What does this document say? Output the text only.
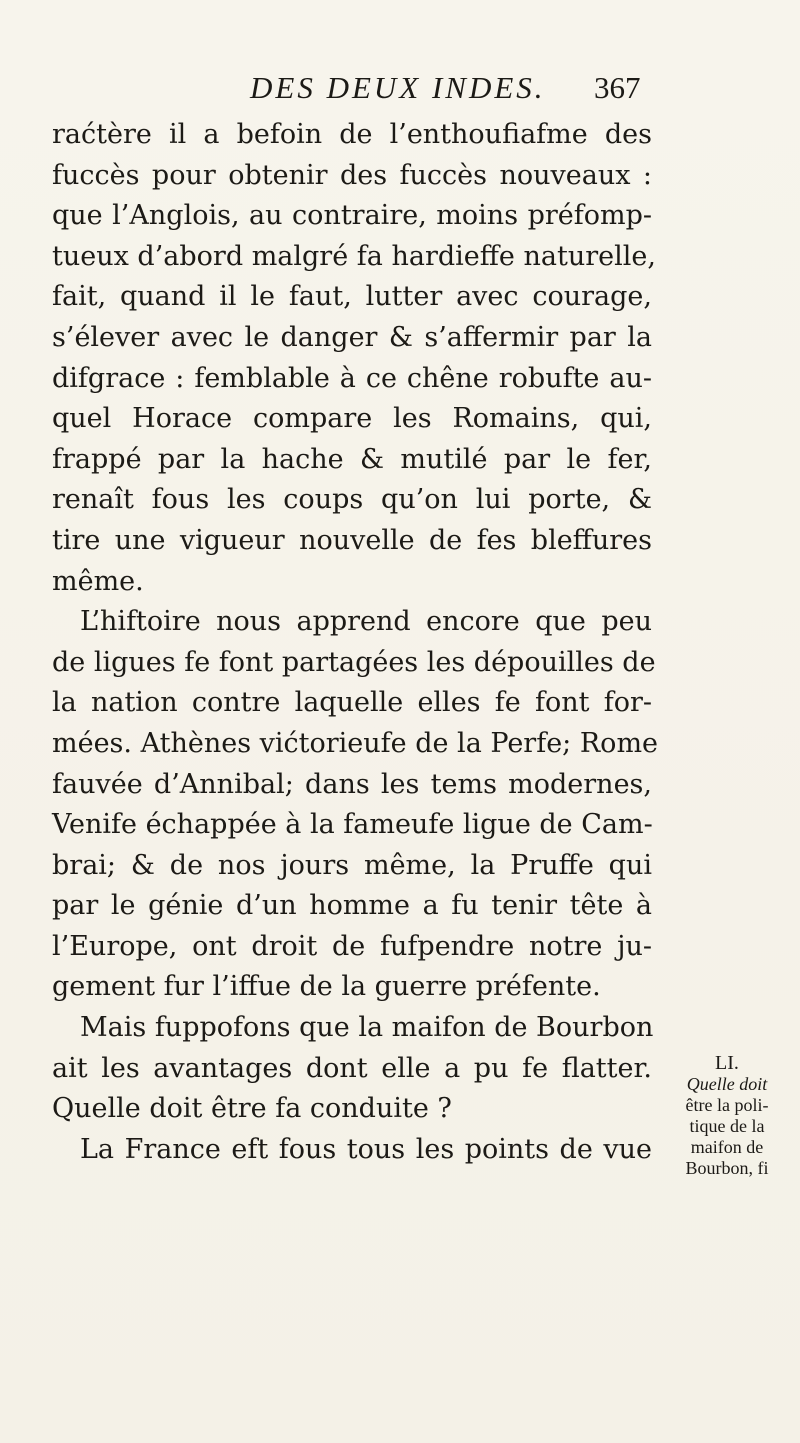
DES DEUX INDES. 367
raćtère il a befoin de l’enthoufiafme des
fuccès pour obtenir des fuccès nouveaux :
que l’Anglois, au contraire, moins préfomp-
tueux d’abord malgré fa hardieffe naturelle,
fait, quand il le faut, lutter avec courage,
s’élever avec le danger & s’affermir par la
difgrace : femblable à ce chêne robufte au-
quel Horace compare les Romains, qui,
frappé par la hache & mutilé par le fer,
renaît fous les coups qu’on lui porte, &
tire une vigueur nouvelle de fes bleffures
même.
L’hiftoire nous apprend encore que peu
de ligues fe font partagées les dépouilles de
la nation contre laquelle elles fe font for-
mées. Athènes vićtorieufe de la Perfe; Rome
fauvée d’Annibal; dans les tems modernes,
Venife échappée à la fameufe ligue de Cam-
brai; & de nos jours même, la Pruffe qui
par le génie d’un homme a fu tenir tête à
l’Europe, ont droit de fufpendre notre ju-
gement fur l’iffue de la guerre préfente.
Mais fuppofons que la maifon de Bourbon
ait les avantages dont elle a pu fe flatter.
Quelle doit être fa conduite ?
La France eft fous tous les points de vue
LI.
Quelle doit
être la poli-
tique de la
maifon de
Bourbon, fi
